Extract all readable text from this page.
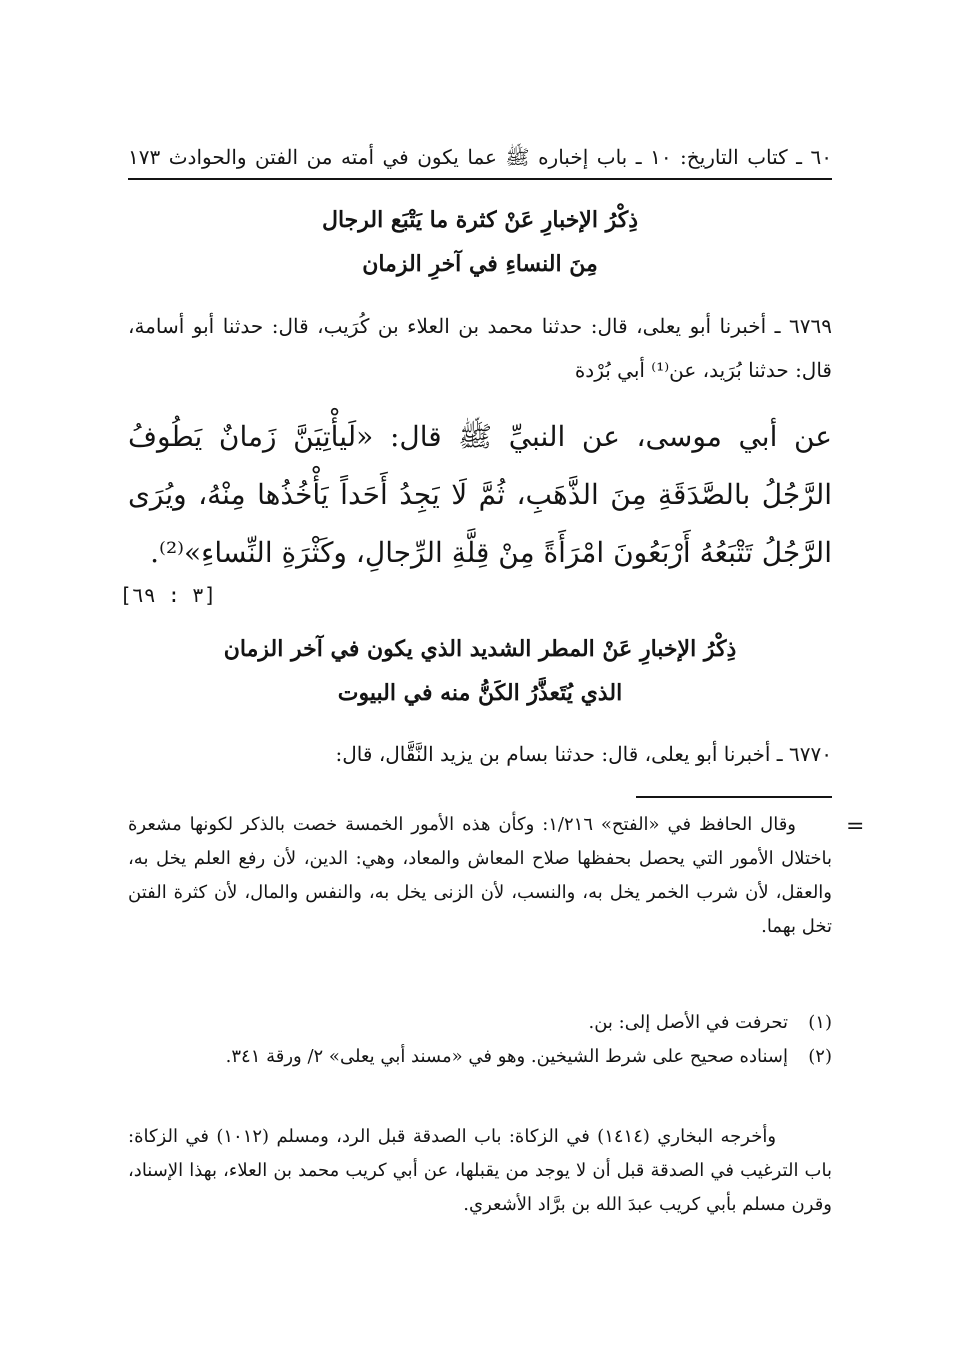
٦٠ ـ كتاب التاريخ: ١٠ ـ باب إخباره ﷺ عما يكون في أمته من الفتن والحوادث ١٧٣
ذِكْرُ الإخبارِ عَنْ كثرة ما يَتْبَع الرجال
مِنَ النساءِ في آخرِ الزمان

٦٧٦٩ ـ أخبرنا أبو يعلى، قال: حدثنا محمد بن العلاء بن كُرَيب، قال: حدثنا أبو أسامة، قال: حدثنا بُرَيد، عن⁽¹⁾ أبي بُرْدة

عن أبي موسى، عن النبيِّ ﷺ قال: «لَيأْتِيَنَّ زَمانٌ يَطُوفُ الرَّجُلُ بالصَّدَقَةِ مِنَ الذَّهَبِ، ثُمَّ لَا يَجِدُ أَحَداً يَأْخُذُها مِنْهُ، ويُرَى الرَّجُلُ تَتْبَعُهُ أَرْبَعُونَ امْرَأَةً مِنْ قِلَّةِ الرِّجالِ، وكَثْرَةِ النِّساءِ»⁽²⁾.

[٣ : ٦٩]
ذِكْرُ الإخبارِ عَنْ المطر الشديد الذي يكون في آخر الزمان
الذي يُتَعذَّرُ الكَنُّ منه في البيوت

٦٧٧٠ ـ أخبرنا أبو يعلى، قال: حدثنا بسام بن يزيد النَّقَّال، قال:

=

وقال الحافظ في «الفتح» ١/٢١٦: وكأن هذه الأمور الخمسة خصت بالذكر لكونها مشعرة باختلال الأمور التي يحصل بحفظها صلاح المعاش والمعاد، وهي: الدين، لأن رفع العلم يخل به، والعقل، لأن شرب الخمر يخل به، والنسب، لأن الزنى يخل به، والنفس والمال، لأن كثرة الفتن تخل بهما.

(١)
تحرفت في الأصل إلى: بن.
(٢)
إسناده صحيح على شرط الشيخين. وهو في «مسند أبي يعلى» ٢/ ورقة ٣٤١.

وأخرجه البخاري (١٤١٤) في الزكاة: باب الصدقة قبل الرد، ومسلم (١٠١٢) في الزكاة: باب الترغيب في الصدقة قبل أن لا يوجد من يقبلها، عن أبي كريب محمد بن العلاء، بهذا الإسناد، وقرن مسلم بأبي كريب عبدَ الله بن برَّاد الأشعري.
